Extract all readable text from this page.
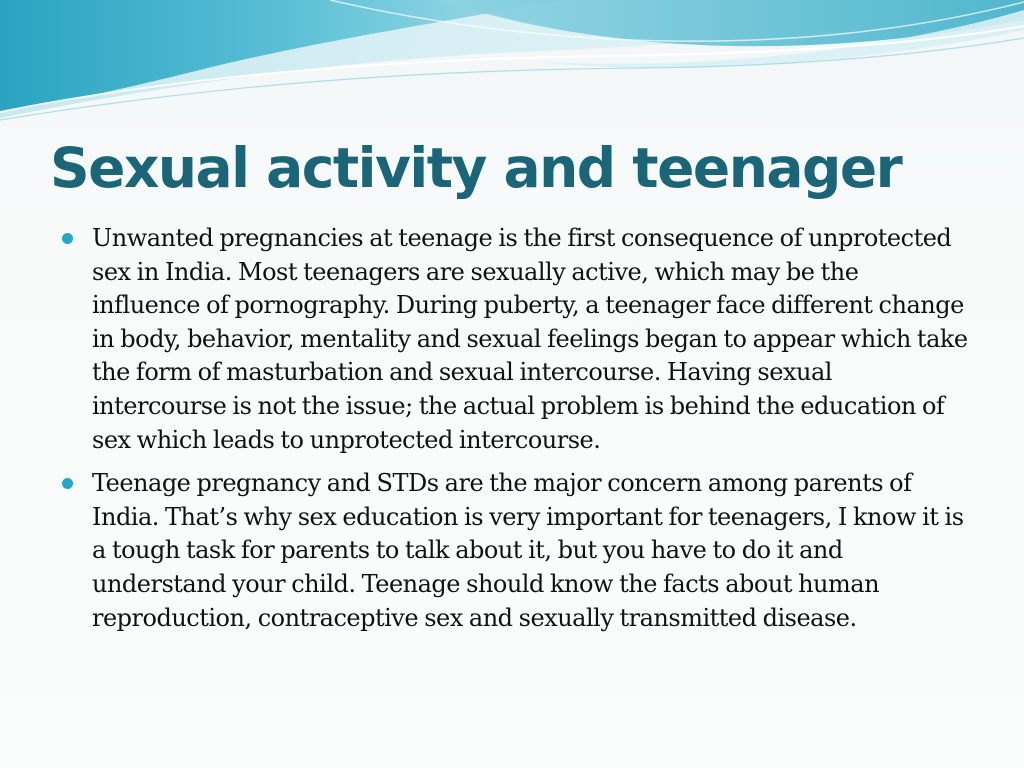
Sexual activity and teenager
Unwanted pregnancies at teenage is the first consequence of unprotected sex in India. Most teenagers are sexually active, which may be the influence of pornography. During puberty, a teenager face different change in body, behavior, mentality and sexual feelings began to appear which take the form of masturbation and sexual intercourse. Having sexual intercourse is not the issue; the actual problem is behind the education of sex which leads to unprotected intercourse.
Teenage pregnancy and STDs are the major concern among parents of India. That’s why sex education is very important for teenagers, I know it is a tough task for parents to talk about it, but you have to do it and understand your child. Teenage should know the facts about human reproduction, contraceptive sex and sexually transmitted disease.
